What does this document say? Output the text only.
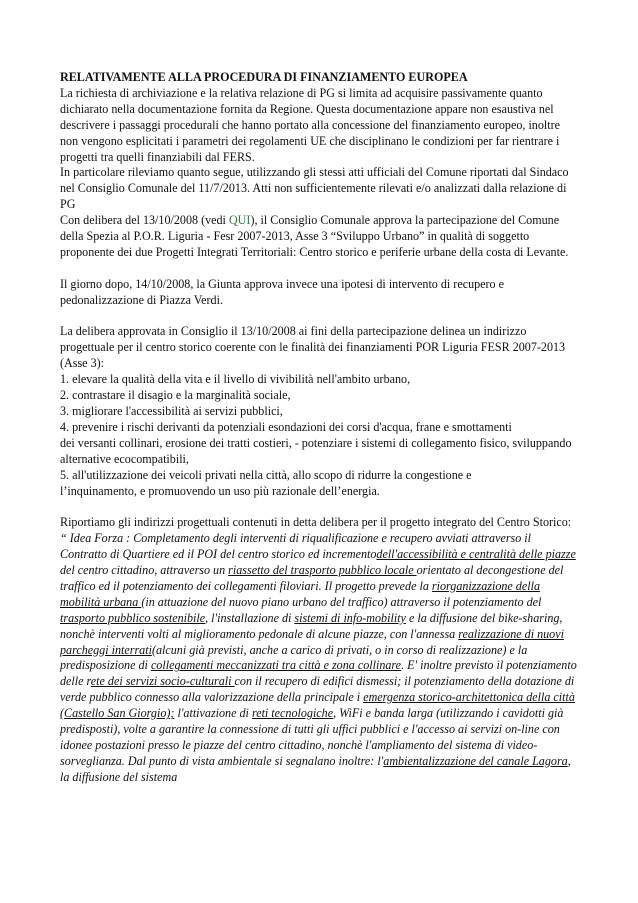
RELATIVAMENTE ALLA PROCEDURA DI FINANZIAMENTO EUROPEA

La richiesta di archiviazione e la relativa relazione di PG si limita ad acquisire passivamente quanto dichiarato nella documentazione fornita da Regione. Questa documentazione appare non esaustiva nel descrivere i passaggi procedurali che hanno portato alla concessione del finanziamento europeo, inoltre non vengono esplicitati i parametri dei regolamenti UE che disciplinano le condizioni per far rientrare i progetti tra quelli finanziabili dal FERS.

In particolare rileviamo quanto segue, utilizzando gli stessi atti ufficiali del Comune riportati dal Sindaco nel Consiglio Comunale del 11/7/2013. Atti non sufficientemente rilevati e/o analizzati dalla relazione di PG

Con delibera del 13/10/2008 (vedi QUI), il Consiglio Comunale approva la partecipazione del Comune della Spezia al P.O.R. Liguria - Fesr 2007-2013, Asse 3 “Sviluppo Urbano” in qualità di soggetto proponente dei due Progetti Integrati Territoriali: Centro storico e periferie urbane della costa di Levante.

Il giorno dopo, 14/10/2008, la Giunta approva invece una ipotesi di intervento di recupero e pedonalizzazione di Piazza Verdi.

La delibera approvata in Consiglio il 13/10/2008 ai fini della partecipazione delinea un indirizzo progettuale per il centro storico coerente con le finalità dei finanziamenti POR Liguria FESR 2007-2013 (Asse 3):

1. elevare la qualità della vita e il livello di vivibilità nell'ambito urbano,

2. contrastare il disagio e la marginalità sociale,

3. migliorare l'accessibilità ai servizi pubblici,

4. prevenire i rischi derivanti da potenziali esondazioni dei corsi d'acqua, frane e smottamenti

dei versanti collinari, erosione dei tratti costieri, - potenziare i sistemi di collegamento fisico, sviluppando alternative ecocompatibili,

5. all'utilizzazione dei veicoli privati nella città, allo scopo di ridurre la congestione e

l’inquinamento, e promuovendo un uso più razionale dell’energia.

Riportiamo gli indirizzi progettuali contenuti in detta delibera per il progetto integrato del Centro Storico:

“ Idea Forza : Completamento degli interventi di riqualificazione e recupero avviati attraverso il Contratto di Quartiere ed il POI del centro storico ed incrementodell'accessibilità e centralità delle piazze del centro cittadino, attraverso un riassetto del trasporto pubblico locale orientato al decongestione del traffico ed il potenziamento dei collegamenti filoviari. Il progetto prevede la riorganizzazione della mobilità urbana (in attuazione del nuovo piano urbano del traffico) attraverso il potenziamento del trasporto pubblico sostenibile, l'installazione di sistemi di info-mobility e la diffusione del bike-sharing, nonchè interventi volti al miglioramento pedonale di alcune piazze, con l'annessa realizzazione di nuovi parcheggi interrati(alcuni già previsti, anche a carico di privati, o in corso di realizzazione) e la predisposizione di collegamenti meccanizzati tra città e zona collinare. E' inoltre previsto il potenziamento delle rete dei servizi socio-culturali con il recupero di edifici dismessi; il potenziamento della dotazione di verde pubblico connesso alla valorizzazione della principale i emergenza storico-architettonica della città (Castello San Giorgio); l'attivazione di reti tecnologiche, WiFi e banda larga (utilizzando i cavidotti già predisposti), volte a garantire la connessione di tutti gli uffici pubblici e l'accesso ai servizi on-line con idonee postazioni presso le piazze del centro cittadino, nonchè l'ampliamento del sistema di video-sorveglianza. Dal punto di vista ambientale si segnalano inoltre: l'ambientalizzazione del canale Lagora, la diffusione del sistema
